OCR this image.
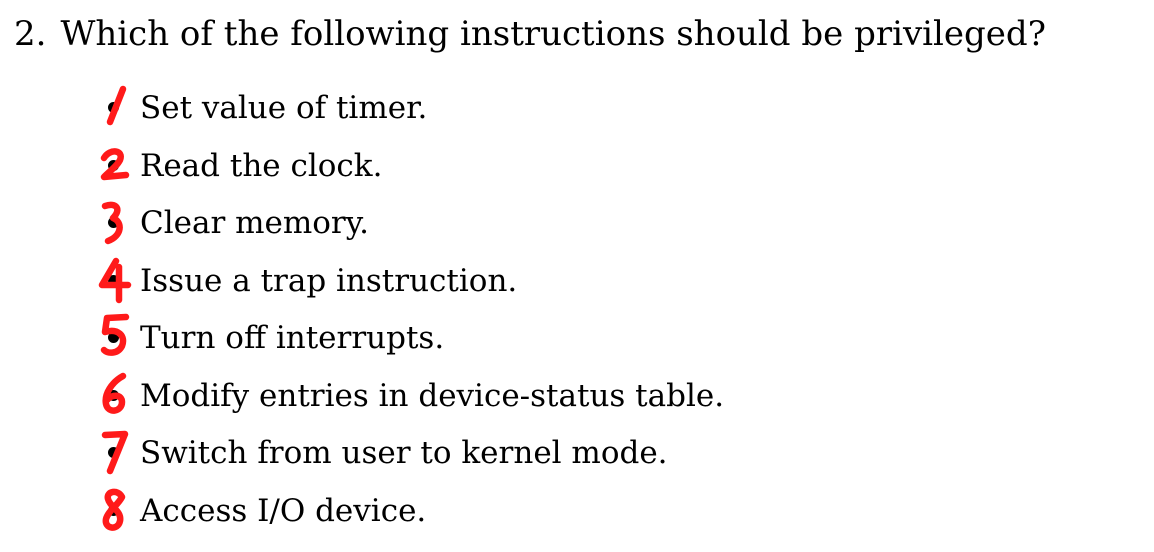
2. Which of the following instructions should be privileged?
Set value of timer.
Read the clock.
Clear memory.
Issue a trap instruction.
Turn off interrupts.
Modify entries in device-status table.
Switch from user to kernel mode.
Access I/O device.
